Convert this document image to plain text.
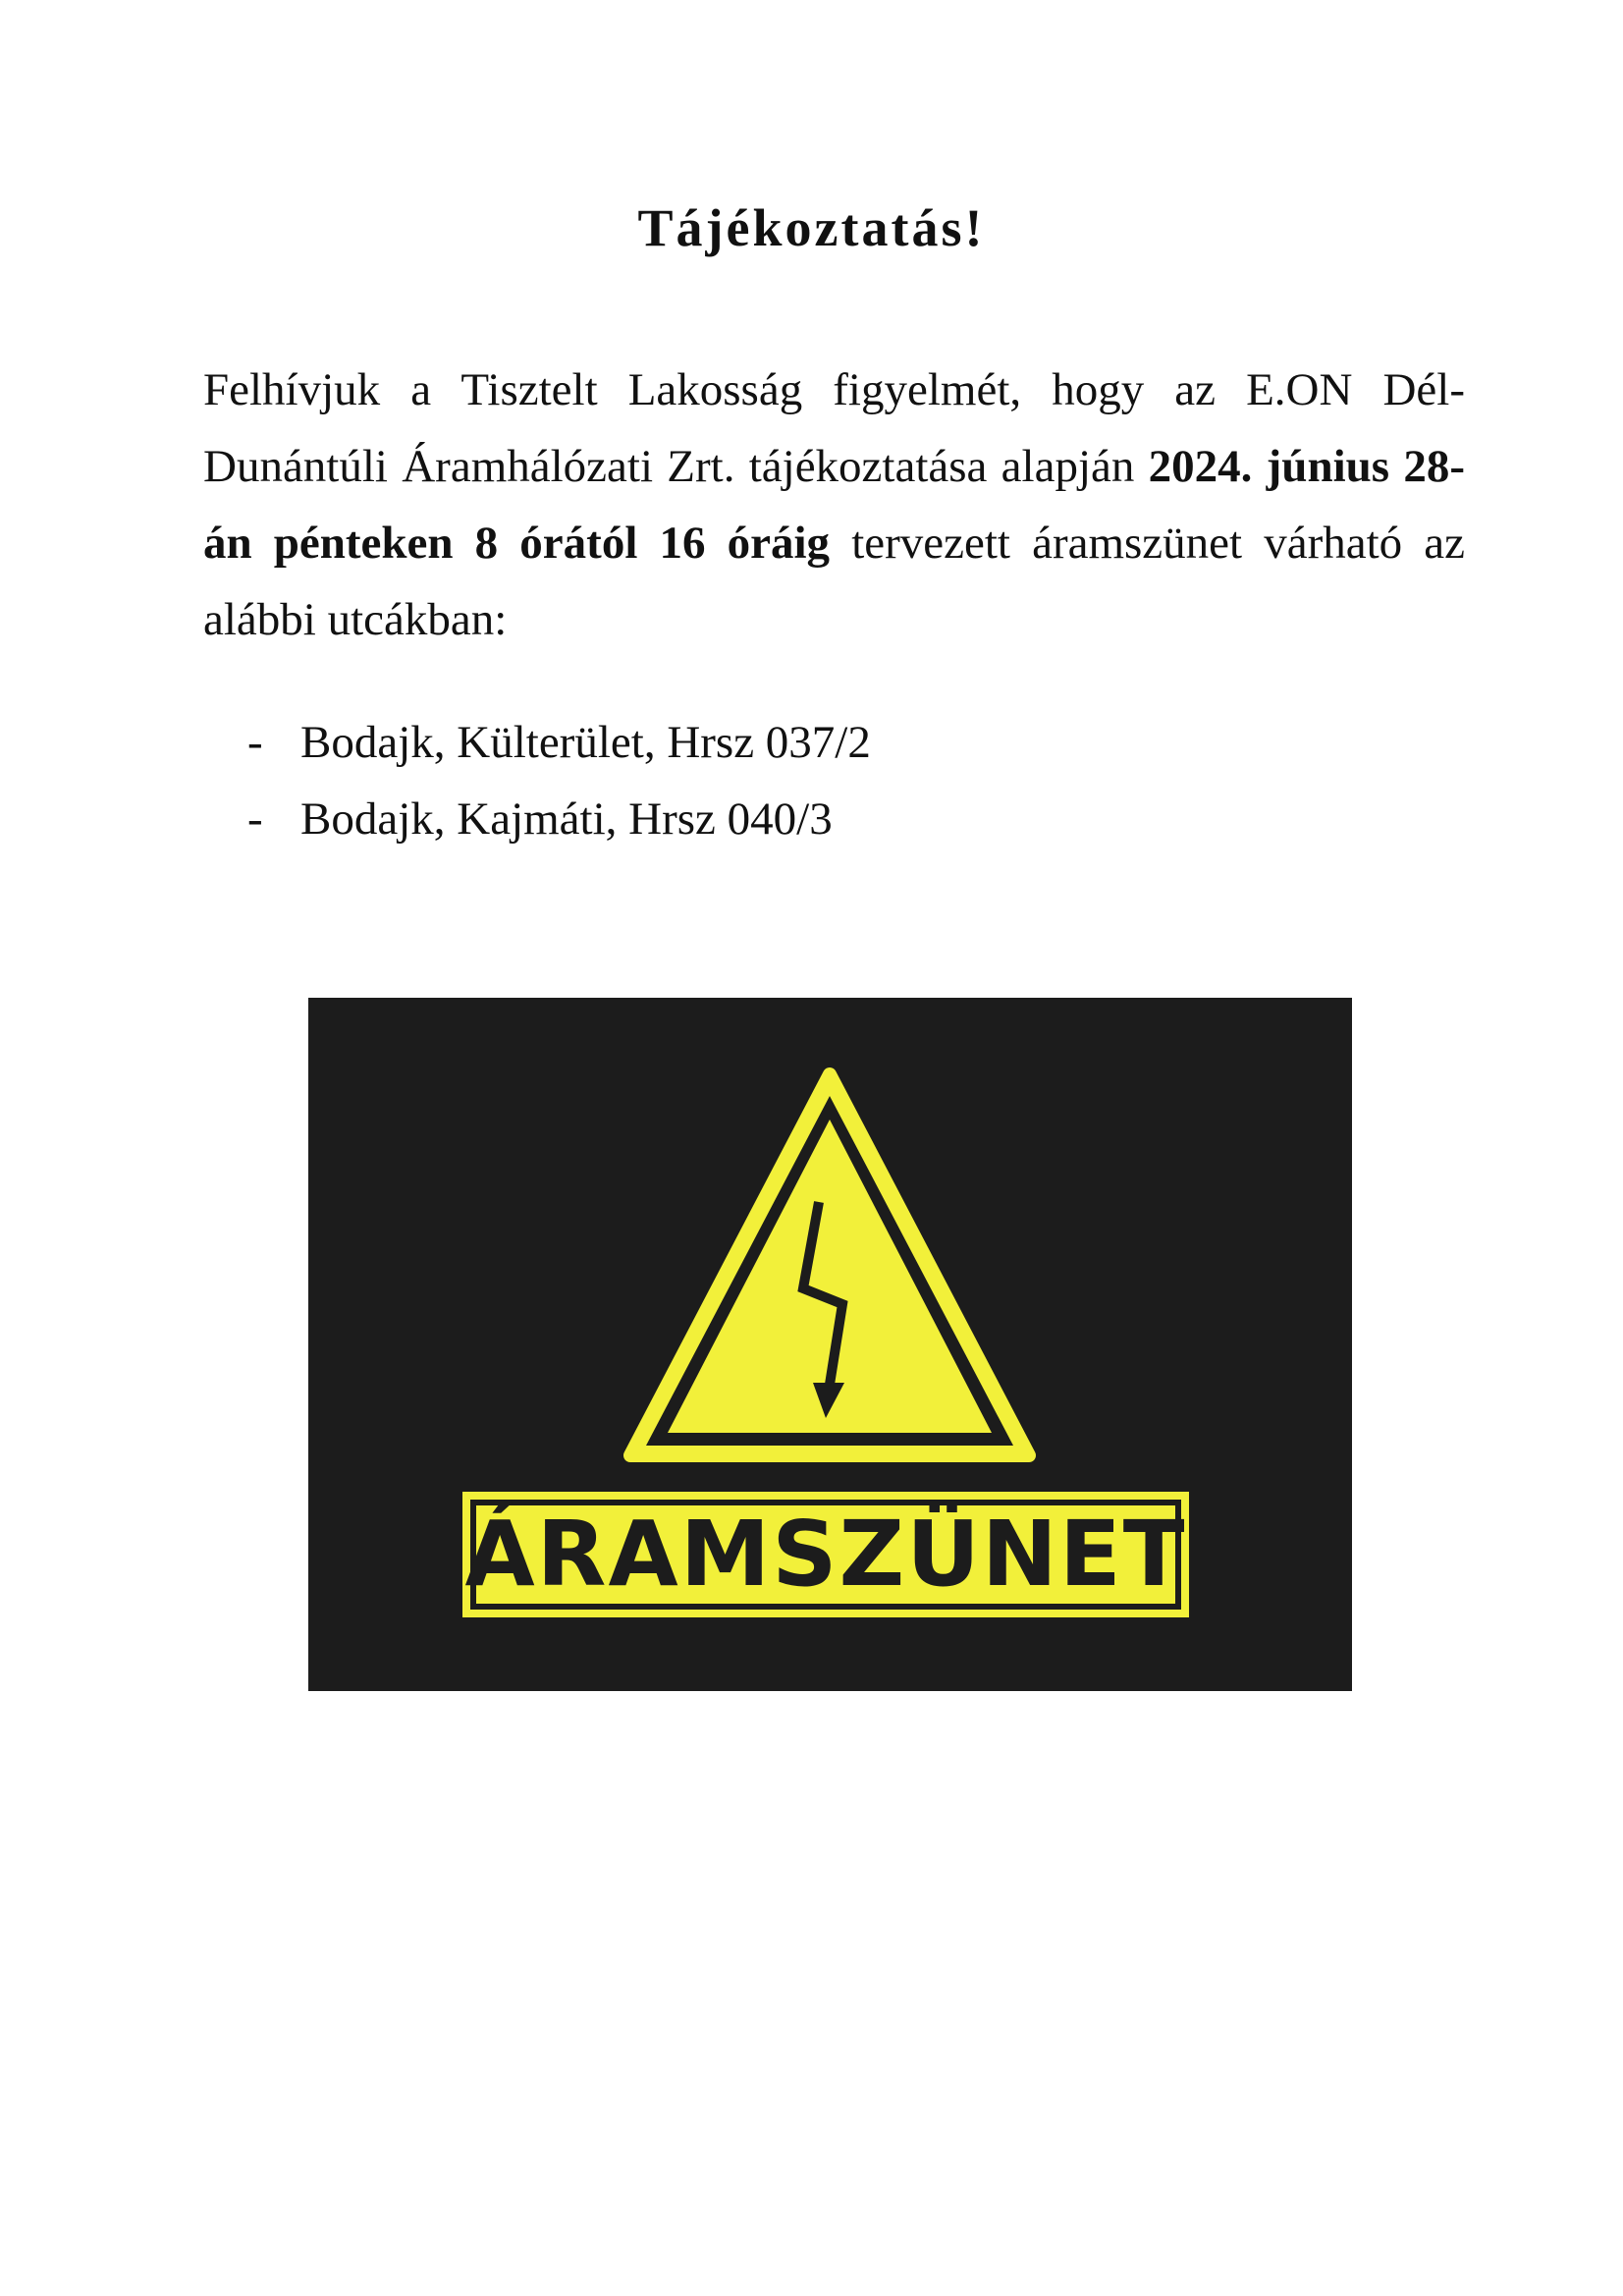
Tájékoztatás!

Felhívjuk a Tisztelt Lakosság figyelmét, hogy az E.ON Dél-Dunántúli Áramhálózati Zrt. tájékoztatása alapján 2024. június 28-án pénteken 8 órától 16 óráig tervezett áramszünet várható az alábbi utcákban:

- Bodajk, Külterület, Hrsz 037/2
- Bodajk, Kajmáti, Hrsz 040/3
ÁRAMSZÜNET
